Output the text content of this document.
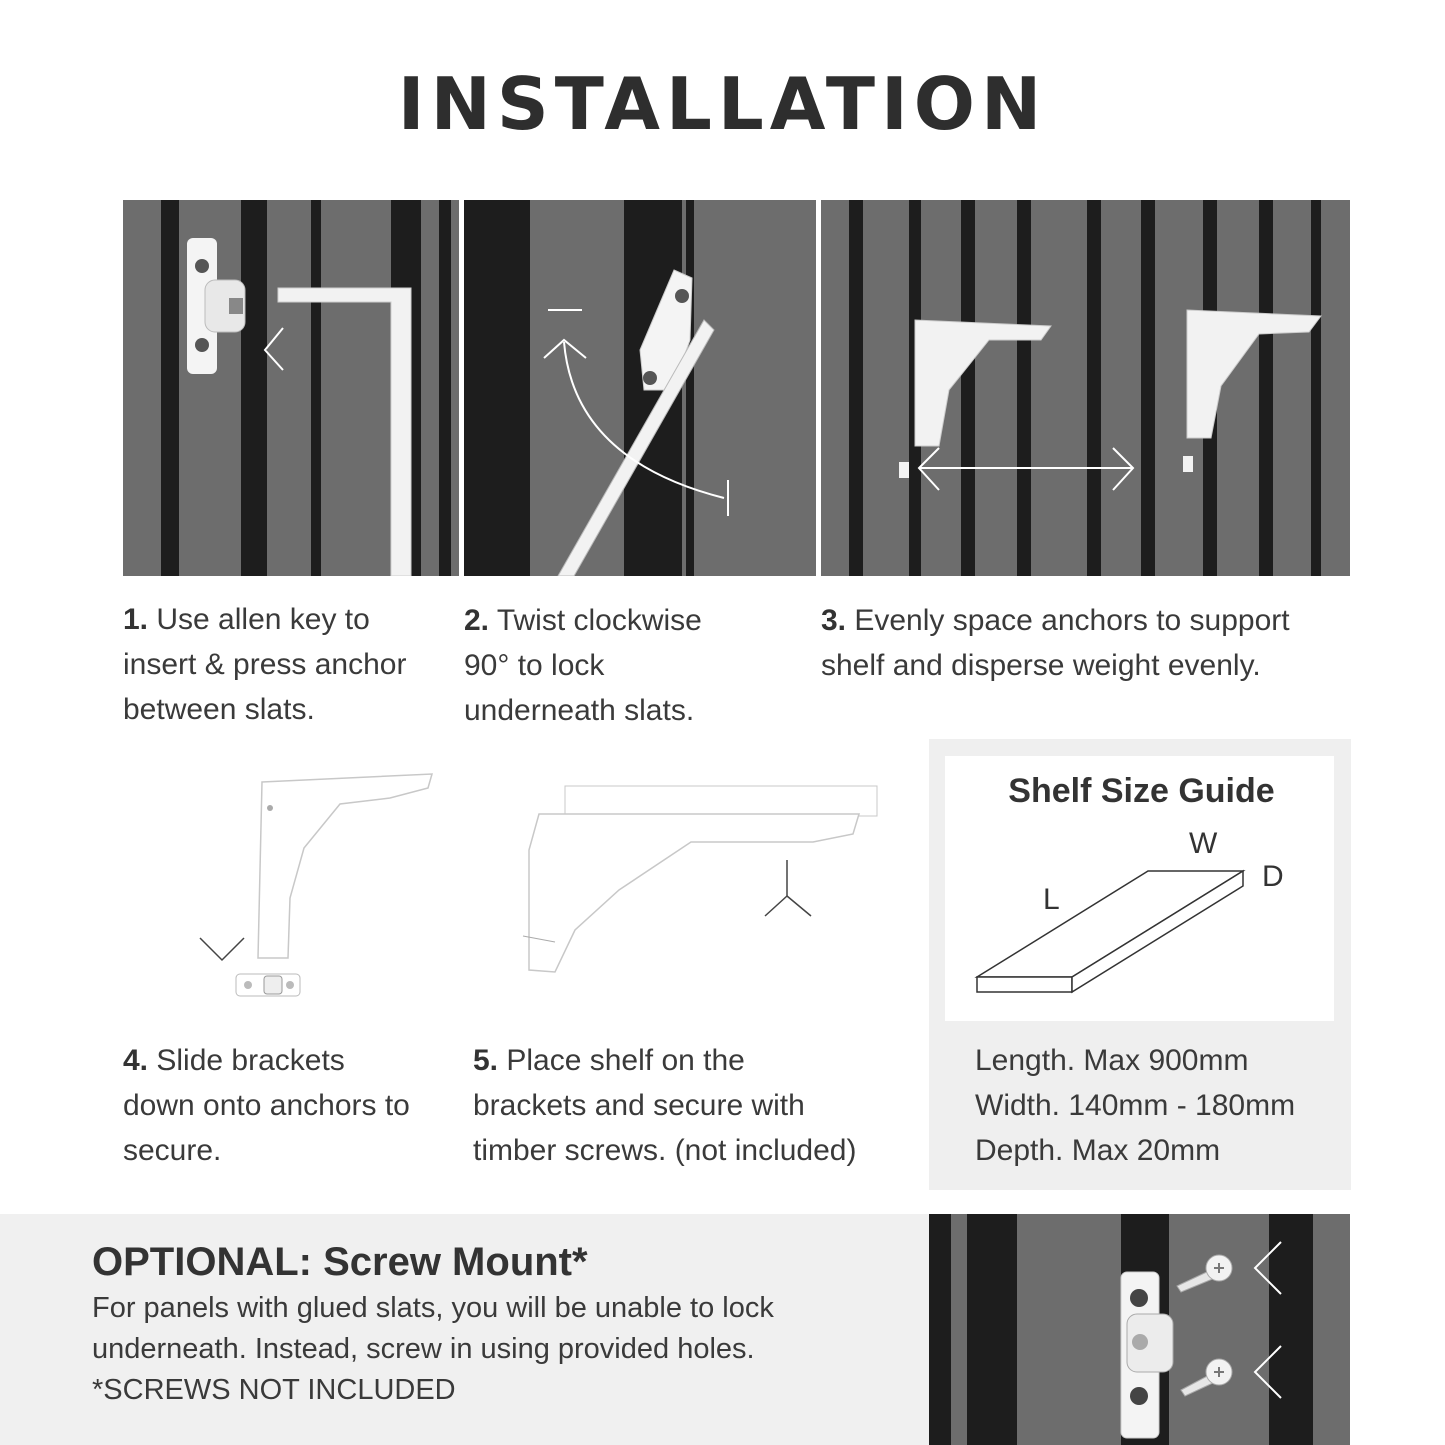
INSTALLATION
1. Use allen key to
insert & press anchor
between slats.
2. Twist clockwise
90° to lock
underneath slats.
3. Evenly space anchors to support
shelf and disperse weight evenly.
4. Slide brackets
down onto anchors to
secure.
5. Place shelf on the
brackets and secure with
timber screws. (not included)
Shelf Size Guide
W
D
L
Length. Max 900mm
Width. 140mm - 180mm
Depth. Max 20mm
OPTIONAL: Screw Mount*
For panels with glued slats, you will be unable to lock
underneath. Instead, screw in using provided holes.
*SCREWS NOT INCLUDED
